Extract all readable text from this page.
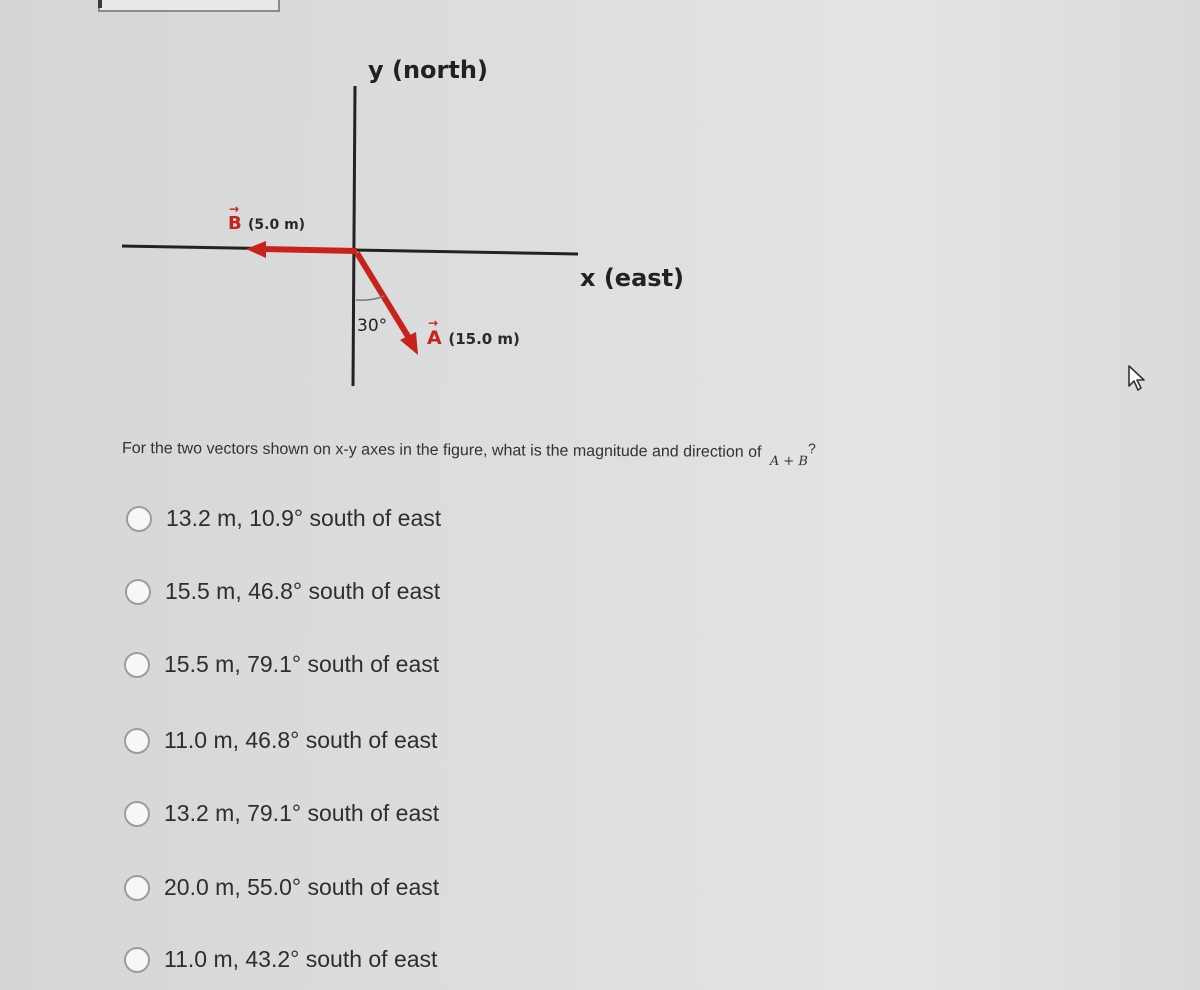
y (north)
x (east)
→ B (5.0 m)
→ A (15.0 m)
30°
For the two vectors shown on x-y axes in the figure, what is the magnitude and direction of A + B?
13.2 m, 10.9° south of east
15.5 m, 46.8° south of east
15.5 m, 79.1° south of east
11.0 m, 46.8° south of east
13.2 m, 79.1° south of east
20.0 m, 55.0° south of east
11.0 m, 43.2° south of east
